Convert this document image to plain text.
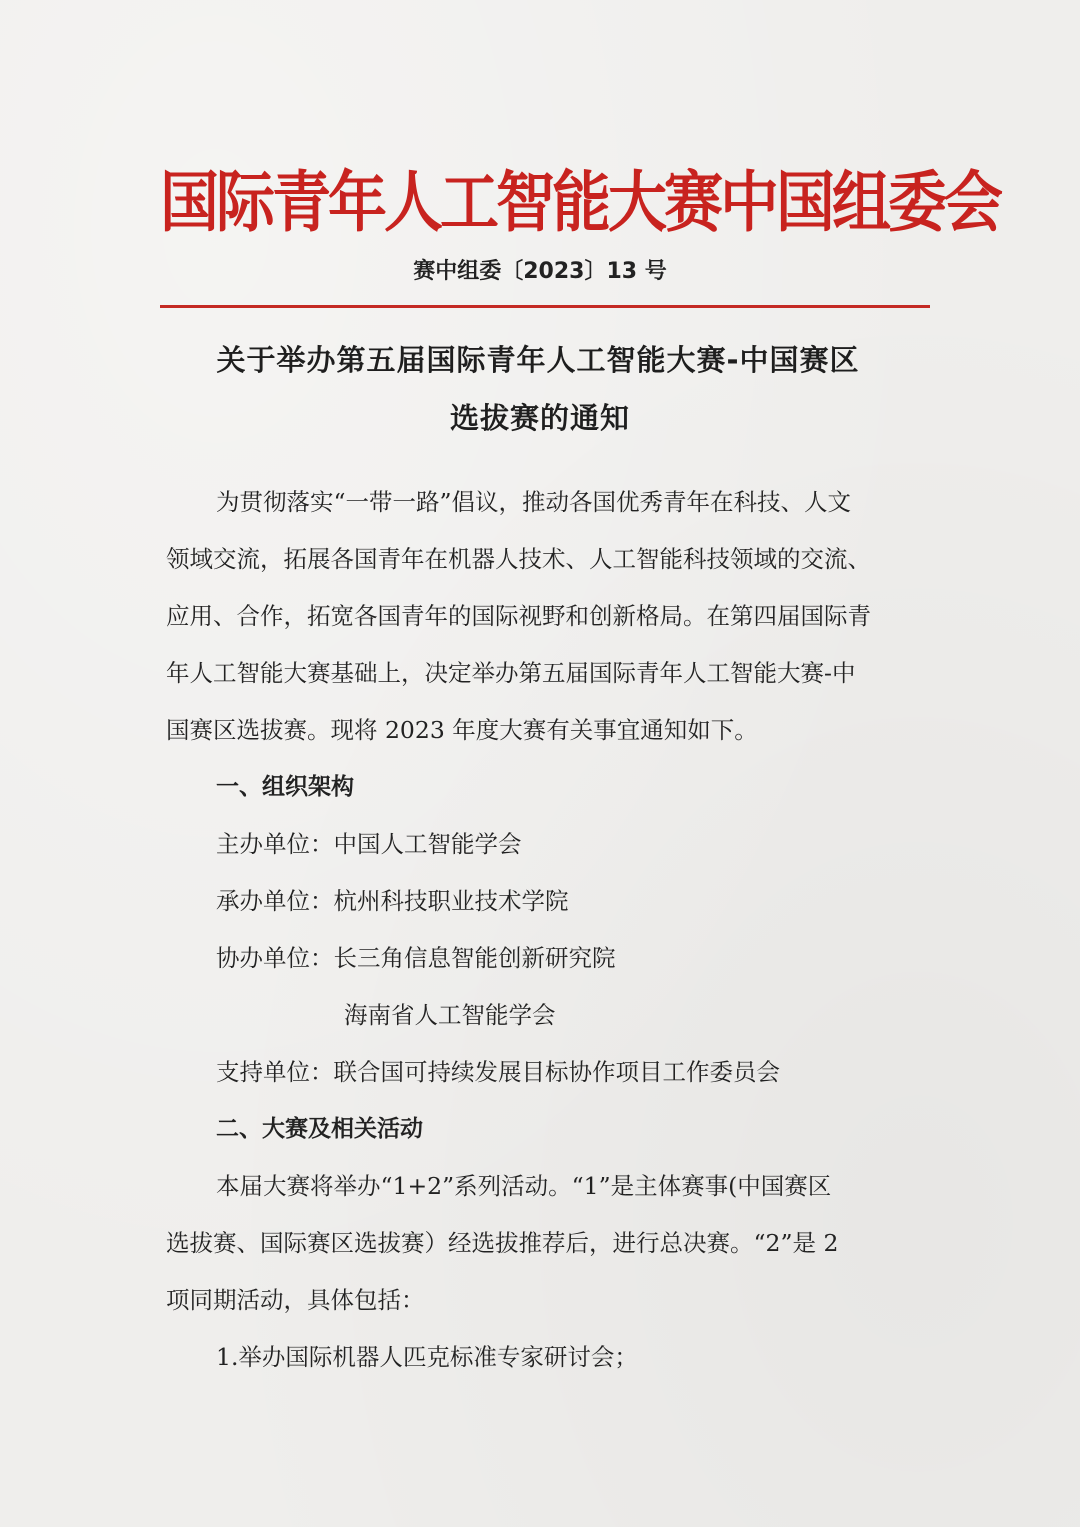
国际青年人工智能大赛中国组委会
赛中组委〔2023〕13 号
关于举办第五届国际青年人工智能大赛-中国赛区
选拔赛的通知
为贯彻落实“一带一路”倡议，推动各国优秀青年在科技、人文
领域交流，拓展各国青年在机器人技术、人工智能科技领域的交流、
应用、合作，拓宽各国青年的国际视野和创新格局。在第四届国际青
年人工智能大赛基础上，决定举办第五届国际青年人工智能大赛-中
国赛区选拔赛。现将 2023 年度大赛有关事宜通知如下。
一、组织架构
主办单位：中国人工智能学会
承办单位：杭州科技职业技术学院
协办单位：长三角信息智能创新研究院
海南省人工智能学会
支持单位：联合国可持续发展目标协作项目工作委员会
二、大赛及相关活动
本届大赛将举办“1+2”系列活动。“1”是主体赛事(中国赛区
选拔赛、国际赛区选拔赛）经选拔推荐后，进行总决赛。“2”是 2
项同期活动，具体包括：
1.举办国际机器人匹克标准专家研讨会；
